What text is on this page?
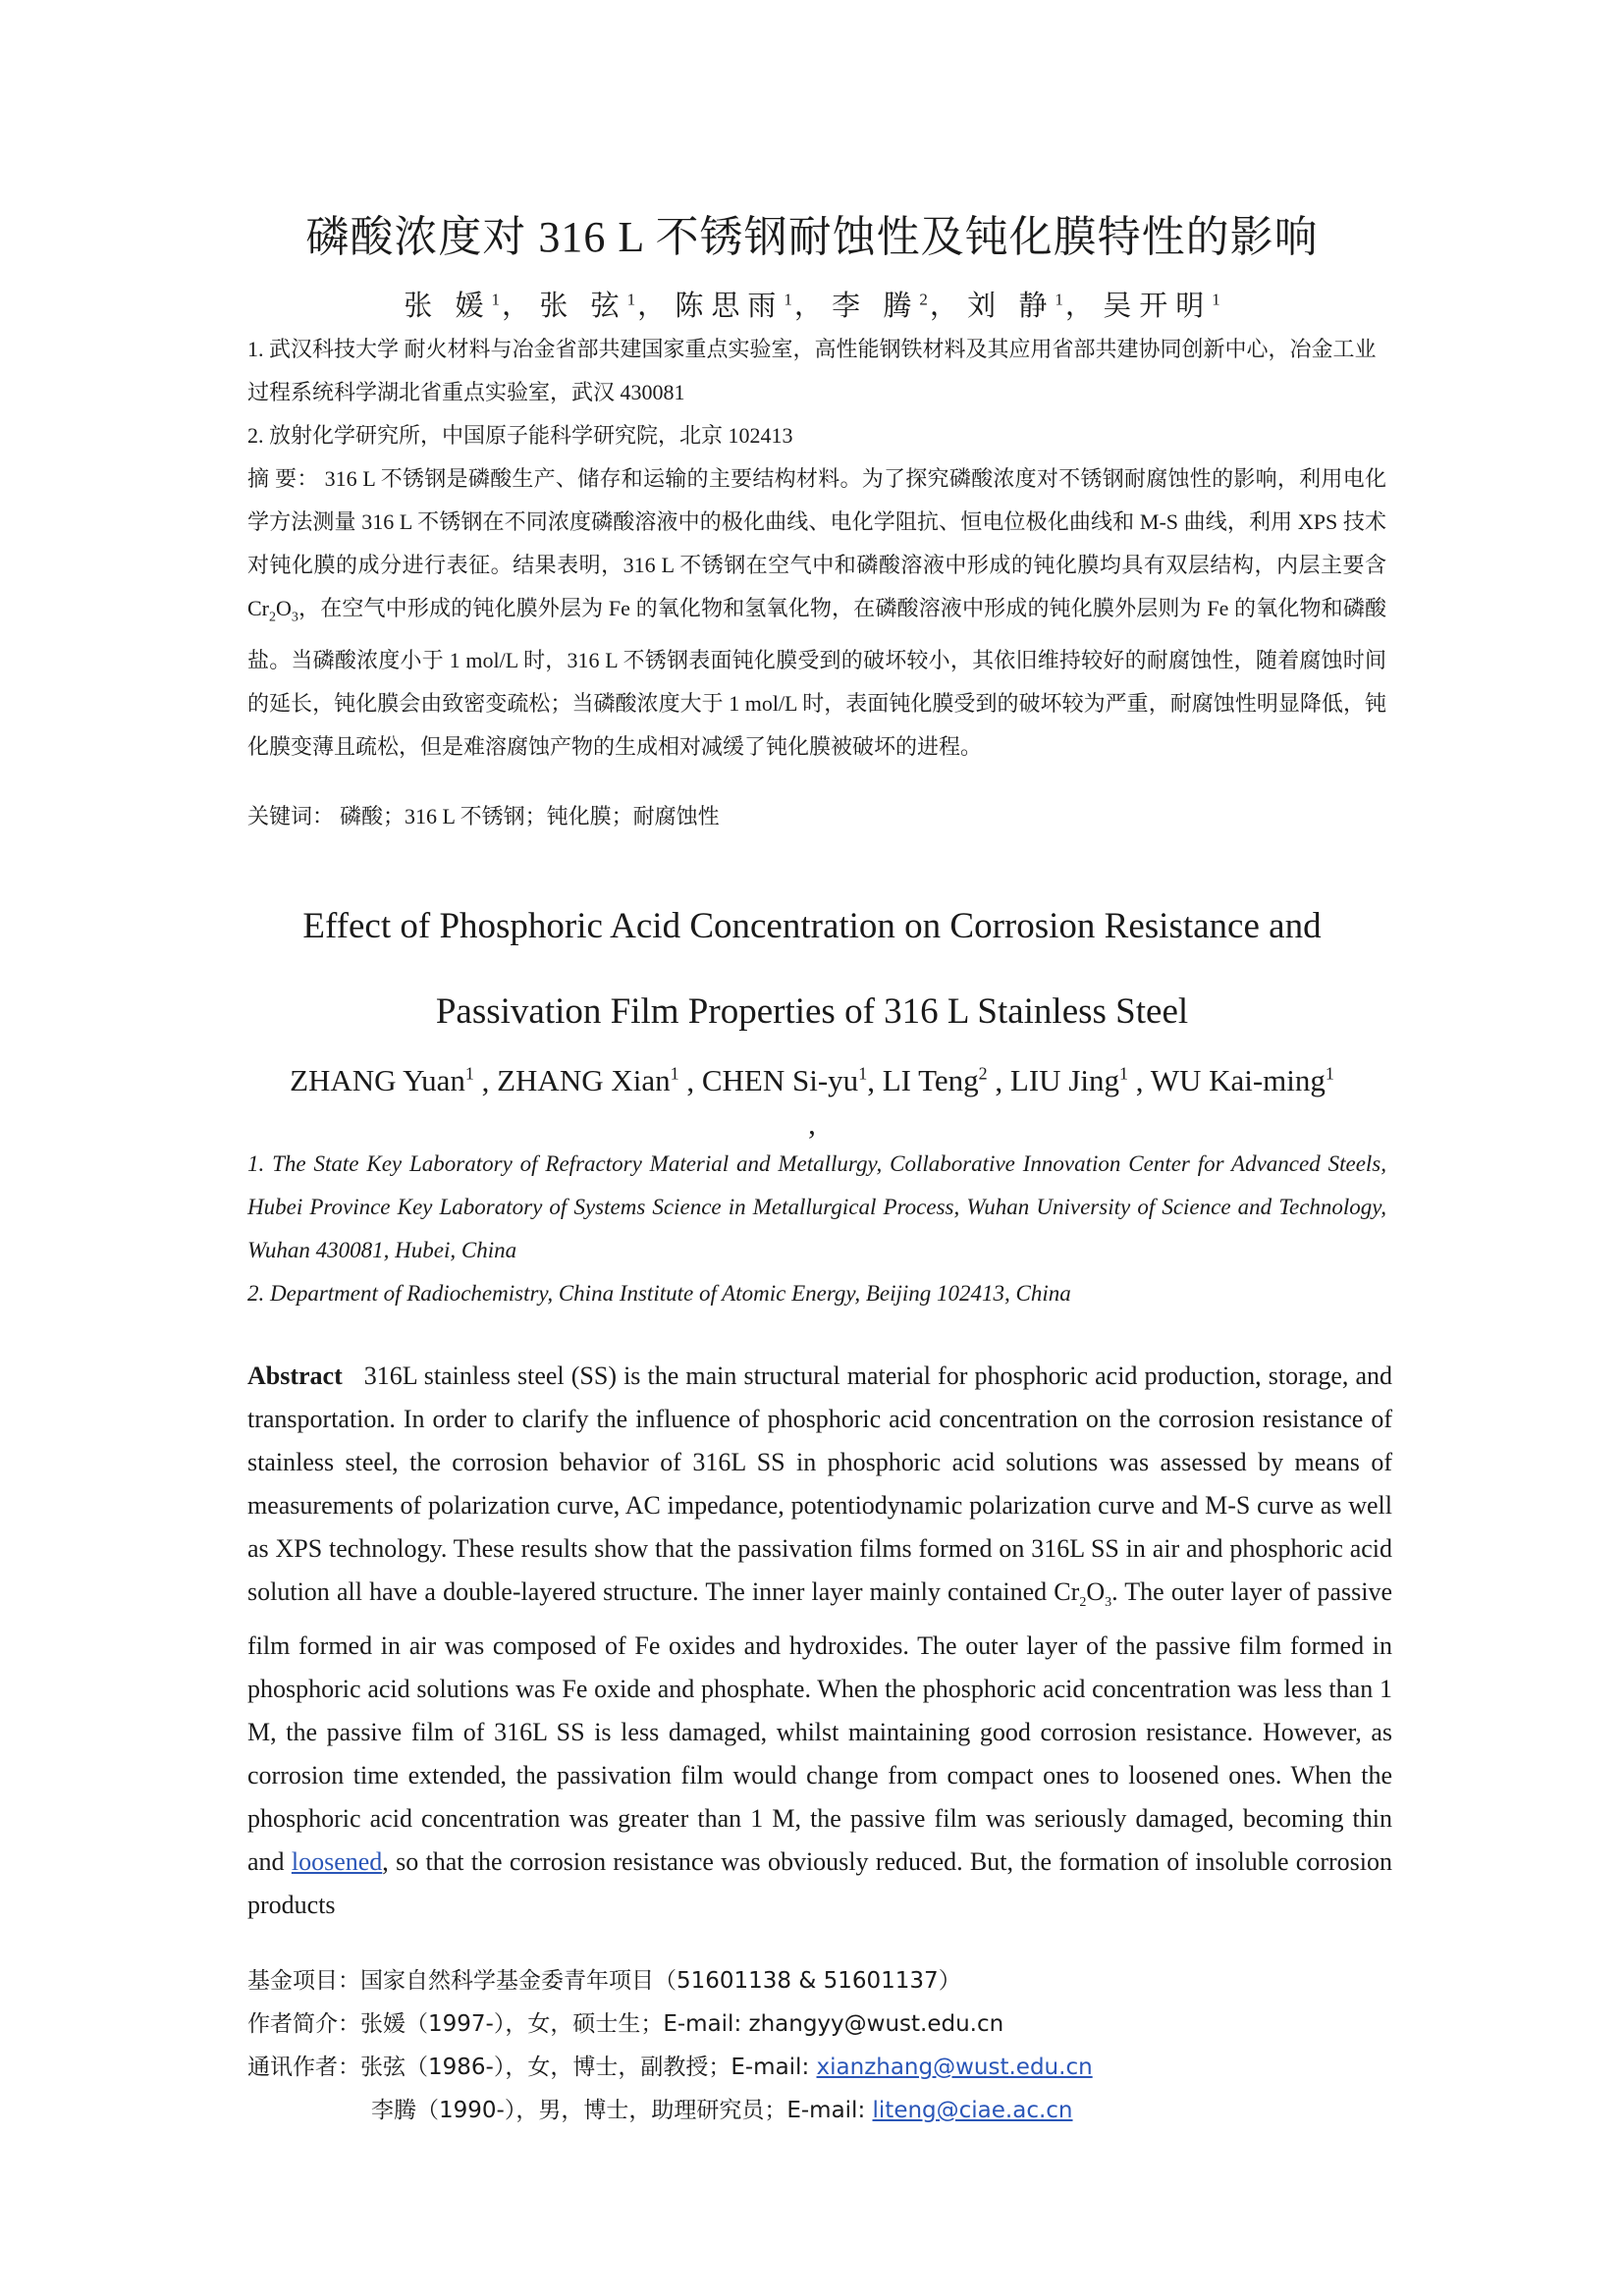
磷酸浓度对 316 L 不锈钢耐蚀性及钝化膜特性的影响
张 媛$^1$， 张 弦$^1$， 陈思雨$^1$， 李 腾$^2$， 刘 静$^1$， 吴开明$^1$
1. 武汉科技大学 耐火材料与冶金省部共建国家重点实验室，高性能钢铁材料及其应用省部共建协同创新中心，冶金工业过程系统科学湖北省重点实验室，武汉 430081
2. 放射化学研究所，中国原子能科学研究院，北京 102413
摘 要： 316 L 不锈钢是磷酸生产、储存和运输的主要结构材料。为了探究磷酸浓度对不锈钢耐腐蚀性的影响，利用电化学方法测量 316 L 不锈钢在不同浓度磷酸溶液中的极化曲线、电化学阻抗、恒电位极化曲线和 M-S 曲线，利用 XPS 技术对钝化膜的成分进行表征。结果表明，316 L 不锈钢在空气中和磷酸溶液中形成的钝化膜均具有双层结构，内层主要含 $Cr_2O_3$，在空气中形成的钝化膜外层为 Fe 的氧化物和氢氧化物，在磷酸溶液中形成的钝化膜外层则为 Fe 的氧化物和磷酸盐。当磷酸浓度小于 1 mol/L 时，316 L 不锈钢表面钝化膜受到的破坏较小，其依旧维持较好的耐腐蚀性，随着腐蚀时间的延长，钝化膜会由致密变疏松；当磷酸浓度大于 1 mol/L 时，表面钝化膜受到的破坏较为严重，耐腐蚀性明显降低，钝化膜变薄且疏松，但是难溶腐蚀产物的生成相对减缓了钝化膜被破坏的进程。
关键词： 磷酸；316 L 不锈钢；钝化膜；耐腐蚀性
Effect of Phosphoric Acid Concentration on Corrosion Resistance and
Passivation Film Properties of 316 L Stainless Steel
ZHANG Yuan$^1$ , ZHANG Xian$^1$ , CHEN $Si-yu^1$, LI Teng$^2$ , LIU Jing$^1$ , WU Kai-ming$^1$ ,
1. The State Key Laboratory of Refractory Material and Metallurgy, Collaborative Innovation Center for Advanced Steels, Hubei Province Key Laboratory of Systems Science in Metallurgical Process, Wuhan University of Science and Technology, Wuhan 430081, Hubei, China
2. Department of Radiochemistry, China Institute of Atomic Energy, Beijing 102413, China
Abstract 316L stainless steel (SS) is the main structural material for phosphoric acid production, storage, and transportation. In order to clarify the influence of phosphoric acid concentration on the corrosion resistance of stainless steel, the corrosion behavior of 316L SS in phosphoric acid solutions was assessed by means of measurements of polarization curve, AC impedance, potentiodynamic polarization curve and M-S curve as well as XPS technology. These results show that the passivation films formed on 316L SS in air and phosphoric acid solution all have a double-layered structure. The inner layer mainly contained $Cr_2O_3$. The outer layer of passive film formed in air was composed of Fe oxides and hydroxides. The outer layer of the passive film formed in phosphoric acid solutions was Fe oxide and phosphate. When the phosphoric acid concentration was less than 1 M, the passive film of 316L SS is less damaged, whilst maintaining good corrosion resistance. However, as corrosion time extended, the passivation film would change from compact ones to loosened ones. When the phosphoric acid concentration was greater than 1 M, the passive film was seriously damaged, becoming thin and loosened, so that the corrosion resistance was obviously reduced. But, the formation of insoluble corrosion products
基金项目：国家自然科学基金委青年项目（51601138 & 51601137）
作者简介：张媛（1997-），女，硕士生；E-mail: zhangyy@wust.edu.cn
通讯作者：张弦（1986-），女，博士，副教授；E-mail: xianzhang@wust.edu.cn
李腾（1990-），男，博士，助理研究员；E-mail: liteng@ciae.ac.cn
